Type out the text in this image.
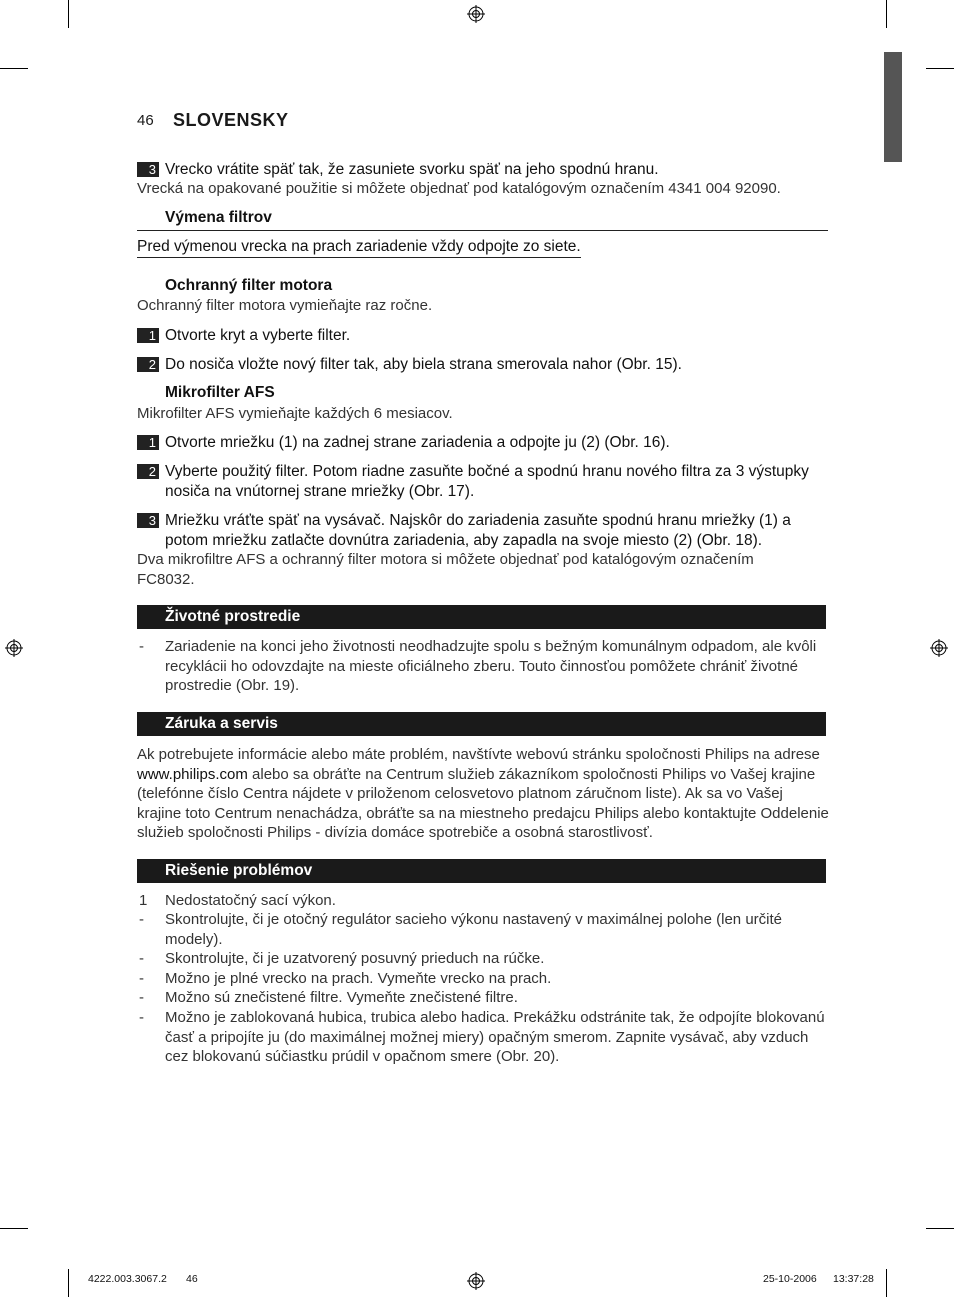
46 SLOVENSKY
3 Vrecko vrátite späť tak, že zasuniete svorku späť na jeho spodnú hranu.
Vrecká na opakované použitie si môžete objednať pod katalógovým označením 4341 004 92090.
Výmena filtrov
Pred výmenou vrecka na prach zariadenie vždy odpojte zo siete.
Ochranný filter motora
Ochranný filter motora vymieňajte raz ročne.
1 Otvorte kryt a vyberte filter.
2 Do nosiča vložte nový filter tak, aby biela strana smerovala nahor (Obr. 15).
Mikrofilter AFS
Mikrofilter AFS vymieňajte každých 6 mesiacov.
1 Otvorte mriežku (1) na zadnej strane zariadenia a odpojte ju (2) (Obr. 16).
2 Vyberte použitý filter. Potom riadne zasuňte bočné a spodnú hranu nového filtra za 3 výstupky nosiča na vnútornej strane mriežky (Obr. 17).
3 Mriežku vráťte späť na vysávač. Najskôr do zariadenia zasuňte spodnú hranu mriežky (1) a potom mriežku zatlačte dovnútra zariadenia, aby zapadla na svoje miesto (2) (Obr. 18).
Dva mikrofiltre AFS a ochranný filter motora si môžete objednať pod katalógovým označením FC8032.
Životné prostredie
- Zariadenie na konci jeho životnosti neodhadzujte spolu s bežným komunálnym odpadom, ale kvôli recyklácii ho odovzdajte na mieste oficiálneho zberu. Touto činnosťou pomôžete chrániť životné prostredie (Obr. 19).
Záruka a servis
Ak potrebujete informácie alebo máte problém, navštívte webovú stránku spoločnosti Philips na adrese www.philips.com alebo sa obráťte na Centrum služieb zákazníkom spoločnosti Philips vo Vašej krajine (telefónne číslo Centra nájdete v priloženom celosvetovo platnom záručnom liste). Ak sa vo Vašej krajine toto Centrum nenachádza, obráťte sa na miestneho predajcu Philips alebo kontaktujte Oddelenie služieb spoločnosti Philips - divízia domáce spotrebiče a osobná starostlivosť.
Riešenie problémov
1 Nedostatočný sací výkon.
- Skontrolujte, či je otočný regulátor sacieho výkonu nastavený v maximálnej polohe (len určité modely).
- Skontrolujte, či je uzatvorený posuvný prieduch na rúčke.
- Možno je plné vrecko na prach. Vymeňte vrecko na prach.
- Možno sú znečistené filtre. Vymeňte znečistené filtre.
- Možno je zablokovaná hubica, trubica alebo hadica. Prekážku odstránite tak, že odpojíte blokovanú časť a pripojíte ju (do maximálnej možnej miery) opačným smerom. Zapnite vysávač, aby vzduch cez blokovanú súčiastku prúdil v opačnom smere (Obr. 20).
4222.003.3067.2 46	25-10-2006 13:37:28
